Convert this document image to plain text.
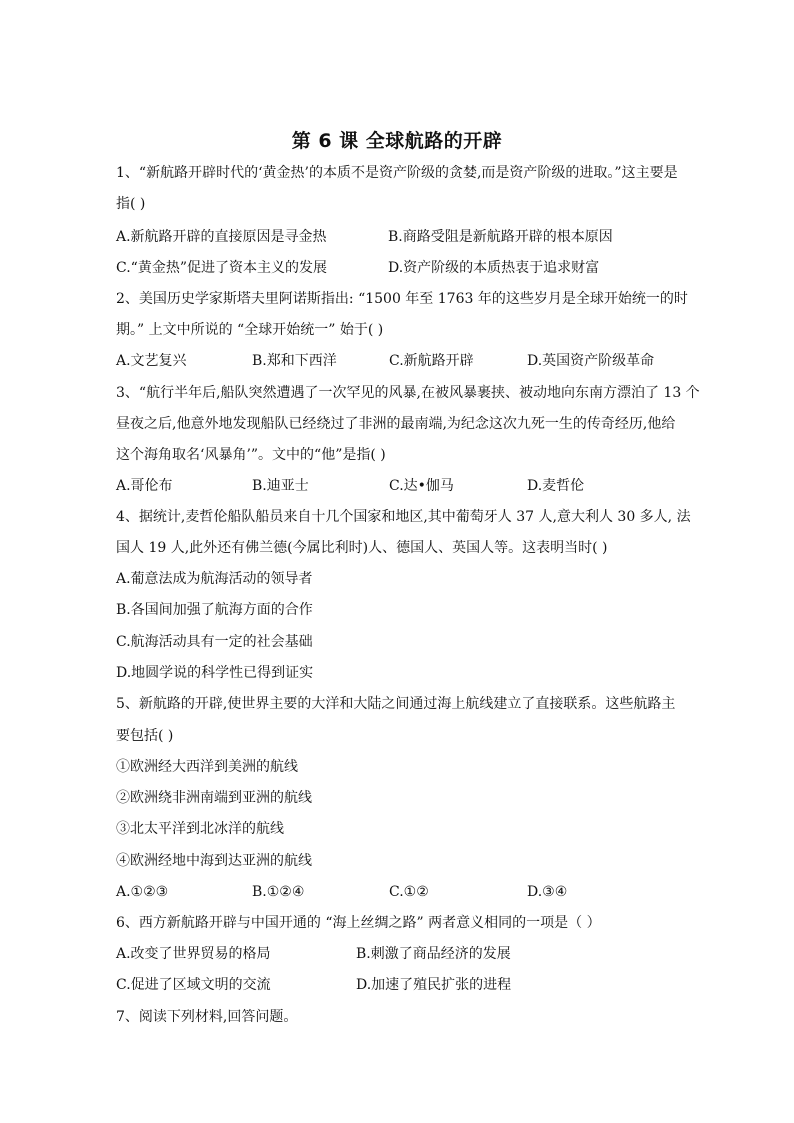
第 6 课 全球航路的开辟
1、“新航路开辟时代的‘黄金热’的本质不是资产阶级的贪婪,而是资产阶级的进取。”这主要是
指( )
A.新航路开辟的直接原因是寻金热	B.商路受阻是新航路开辟的根本原因
C.“黄金热”促进了资本主义的发展	D.资产阶级的本质热衷于追求财富
2、美国历史学家斯塔夫里阿诺斯指出: “1500 年至 1763 年的这些岁月是全球开始统一的时
期。” 上文中所说的 “全球开始统一” 始于( )
A.文艺复兴	B.郑和下西洋	C.新航路开辟	D.英国资产阶级革命
3、“航行半年后,船队突然遭遇了一次罕见的风暴,在被风暴裹挟、被动地向东南方漂泊了 13 个
昼夜之后,他意外地发现船队已经绕过了非洲的最南端,为纪念这次九死一生的传奇经历,他给
这个海角取名‘风暴角’”。文中的“他”是指( )
A.哥伦布	B.迪亚士	C.达•伽马	D.麦哲伦
4、据统计,麦哲伦船队船员来自十几个国家和地区,其中葡萄牙人 37 人,意大利人 30 多人, 法
国人 19 人,此外还有佛兰德(今属比利时)人、德国人、英国人等。这表明当时( )
A.葡意法成为航海活动的领导者
B.各国间加强了航海方面的合作
C.航海活动具有一定的社会基础
D.地圆学说的科学性已得到证实
5、新航路的开辟,使世界主要的大洋和大陆之间通过海上航线建立了直接联系。这些航路主
要包括( )
①欧洲经大西洋到美洲的航线
②欧洲绕非洲南端到亚洲的航线
③北太平洋到北冰洋的航线
④欧洲经地中海到达亚洲的航线
A.①②③	B.①②④	C.①②	D.③④
6、西方新航路开辟与中国开通的 “海上丝绸之路” 两者意义相同的一项是（ ）
A.改变了世界贸易的格局	B.刺激了商品经济的发展
C.促进了区域文明的交流	D.加速了殖民扩张的进程
7、阅读下列材料,回答问题。
